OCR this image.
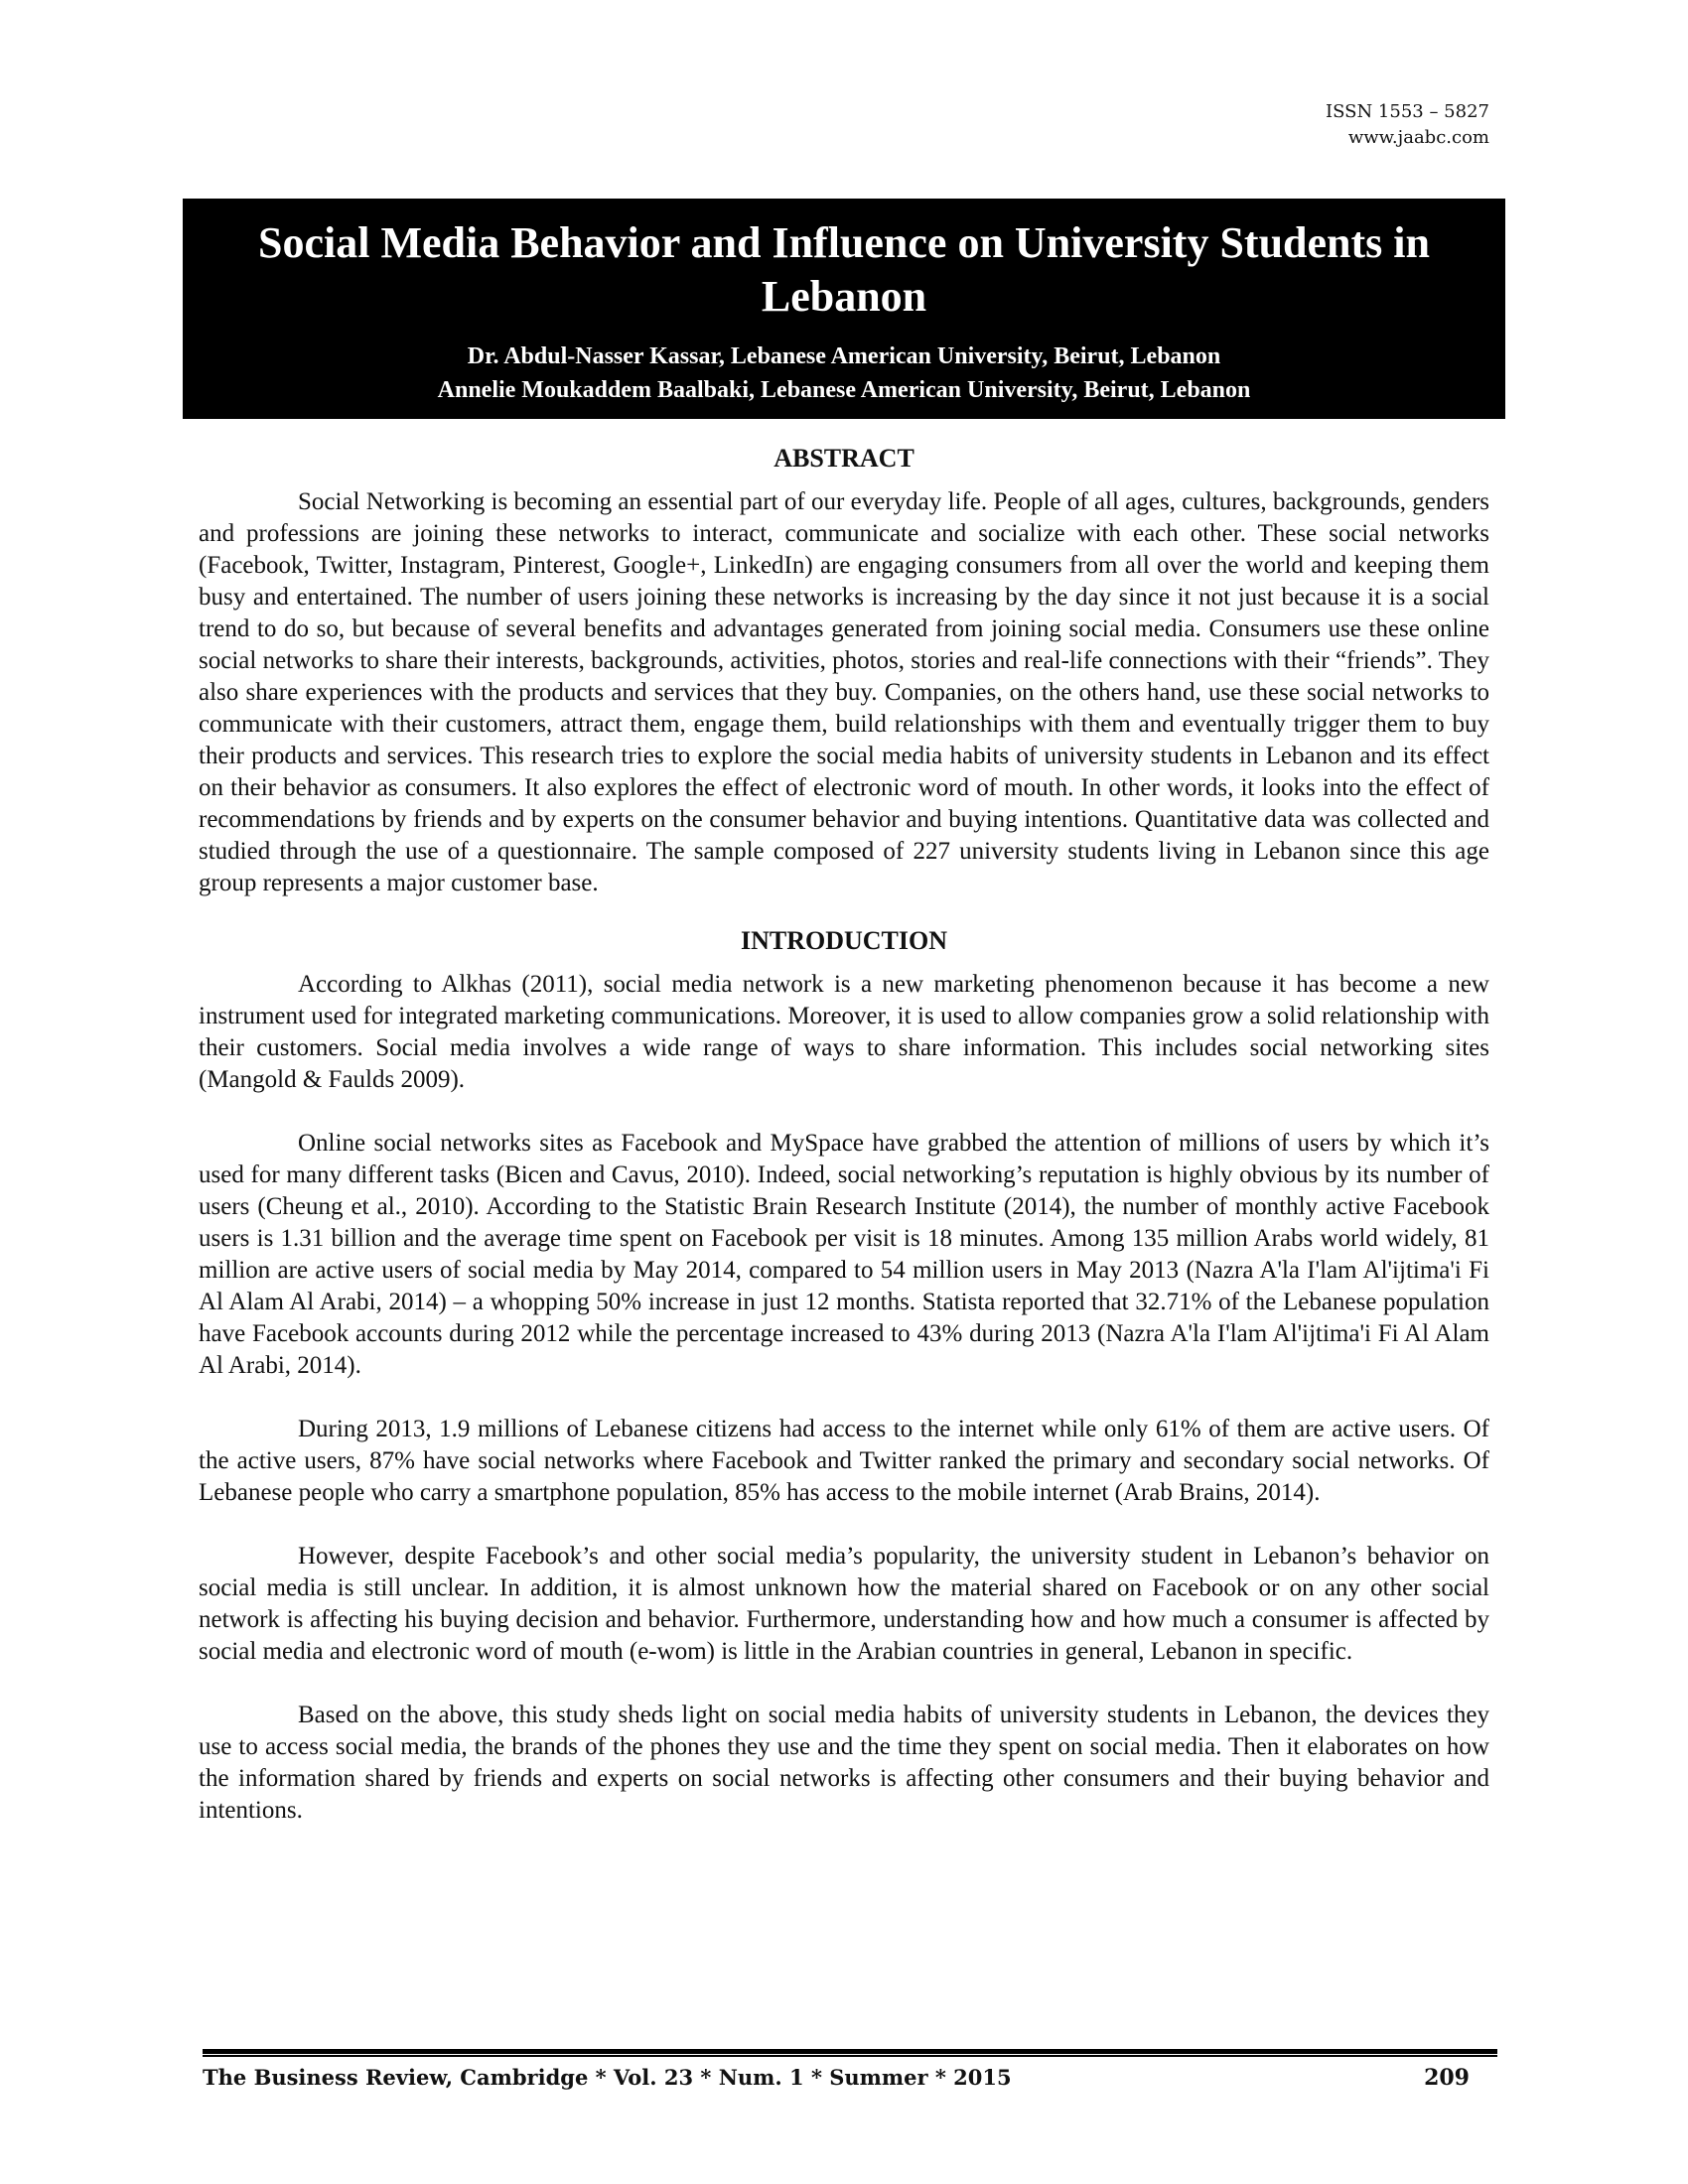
ISSN 1553 – 5827
www.jaabc.com
Social Media Behavior and Influence on University Students in Lebanon
Dr. Abdul-Nasser Kassar, Lebanese American University, Beirut, Lebanon
Annelie Moukaddem Baalbaki, Lebanese American University, Beirut, Lebanon
ABSTRACT

Social Networking is becoming an essential part of our everyday life. People of all ages, cultures, backgrounds, genders and professions are joining these networks to interact, communicate and socialize with each other. These social networks (Facebook, Twitter, Instagram, Pinterest, Google+, LinkedIn) are engaging consumers from all over the world and keeping them busy and entertained. The number of users joining these networks is increasing by the day since it not just because it is a social trend to do so, but because of several benefits and advantages generated from joining social media. Consumers use these online social networks to share their interests, backgrounds, activities, photos, stories and real-life connections with their “friends”. They also share experiences with the products and services that they buy. Companies, on the others hand, use these social networks to communicate with their customers, attract them, engage them, build relationships with them and eventually trigger them to buy their products and services. This research tries to explore the social media habits of university students in Lebanon and its effect on their behavior as consumers. It also explores the effect of electronic word of mouth. In other words, it looks into the effect of recommendations by friends and by experts on the consumer behavior and buying intentions. Quantitative data was collected and studied through the use of a questionnaire. The sample composed of 227 university students living in Lebanon since this age group represents a major customer base.

INTRODUCTION

According to Alkhas (2011), social media network is a new marketing phenomenon because it has become a new instrument used for integrated marketing communications. Moreover, it is used to allow companies grow a solid relationship with their customers. Social media involves a wide range of ways to share information. This includes social networking sites (Mangold & Faulds 2009).

Online social networks sites as Facebook and MySpace have grabbed the attention of millions of users by which it’s used for many different tasks (Bicen and Cavus, 2010). Indeed, social networking’s reputation is highly obvious by its number of users (Cheung et al., 2010). According to the Statistic Brain Research Institute (2014), the number of monthly active Facebook users is 1.31 billion and the average time spent on Facebook per visit is 18 minutes. Among 135 million Arabs world widely, 81 million are active users of social media by May 2014, compared to 54 million users in May 2013 (Nazra A'la I'lam Al'ijtima'i Fi Al Alam Al Arabi, 2014) – a whopping 50% increase in just 12 months. Statista reported that 32.71% of the Lebanese population have Facebook accounts during 2012 while the percentage increased to 43% during 2013 (Nazra A'la I'lam Al'ijtima'i Fi Al Alam Al Arabi, 2014).

During 2013, 1.9 millions of Lebanese citizens had access to the internet while only 61% of them are active users. Of the active users, 87% have social networks where Facebook and Twitter ranked the primary and secondary social networks. Of Lebanese people who carry a smartphone population, 85% has access to the mobile internet (Arab Brains, 2014).

However, despite Facebook’s and other social media’s popularity, the university student in Lebanon’s behavior on social media is still unclear. In addition, it is almost unknown how the material shared on Facebook or on any other social network is affecting his buying decision and behavior. Furthermore, understanding how and how much a consumer is affected by social media and electronic word of mouth (e-wom) is little in the Arabian countries in general, Lebanon in specific.

Based on the above, this study sheds light on social media habits of university students in Lebanon, the devices they use to access social media, the brands of the phones they use and the time they spent on social media. Then it elaborates on how the information shared by friends and experts on social networks is affecting other consumers and their buying behavior and intentions.

The Business Review, Cambridge * Vol. 23 * Num. 1 * Summer * 2015	209
